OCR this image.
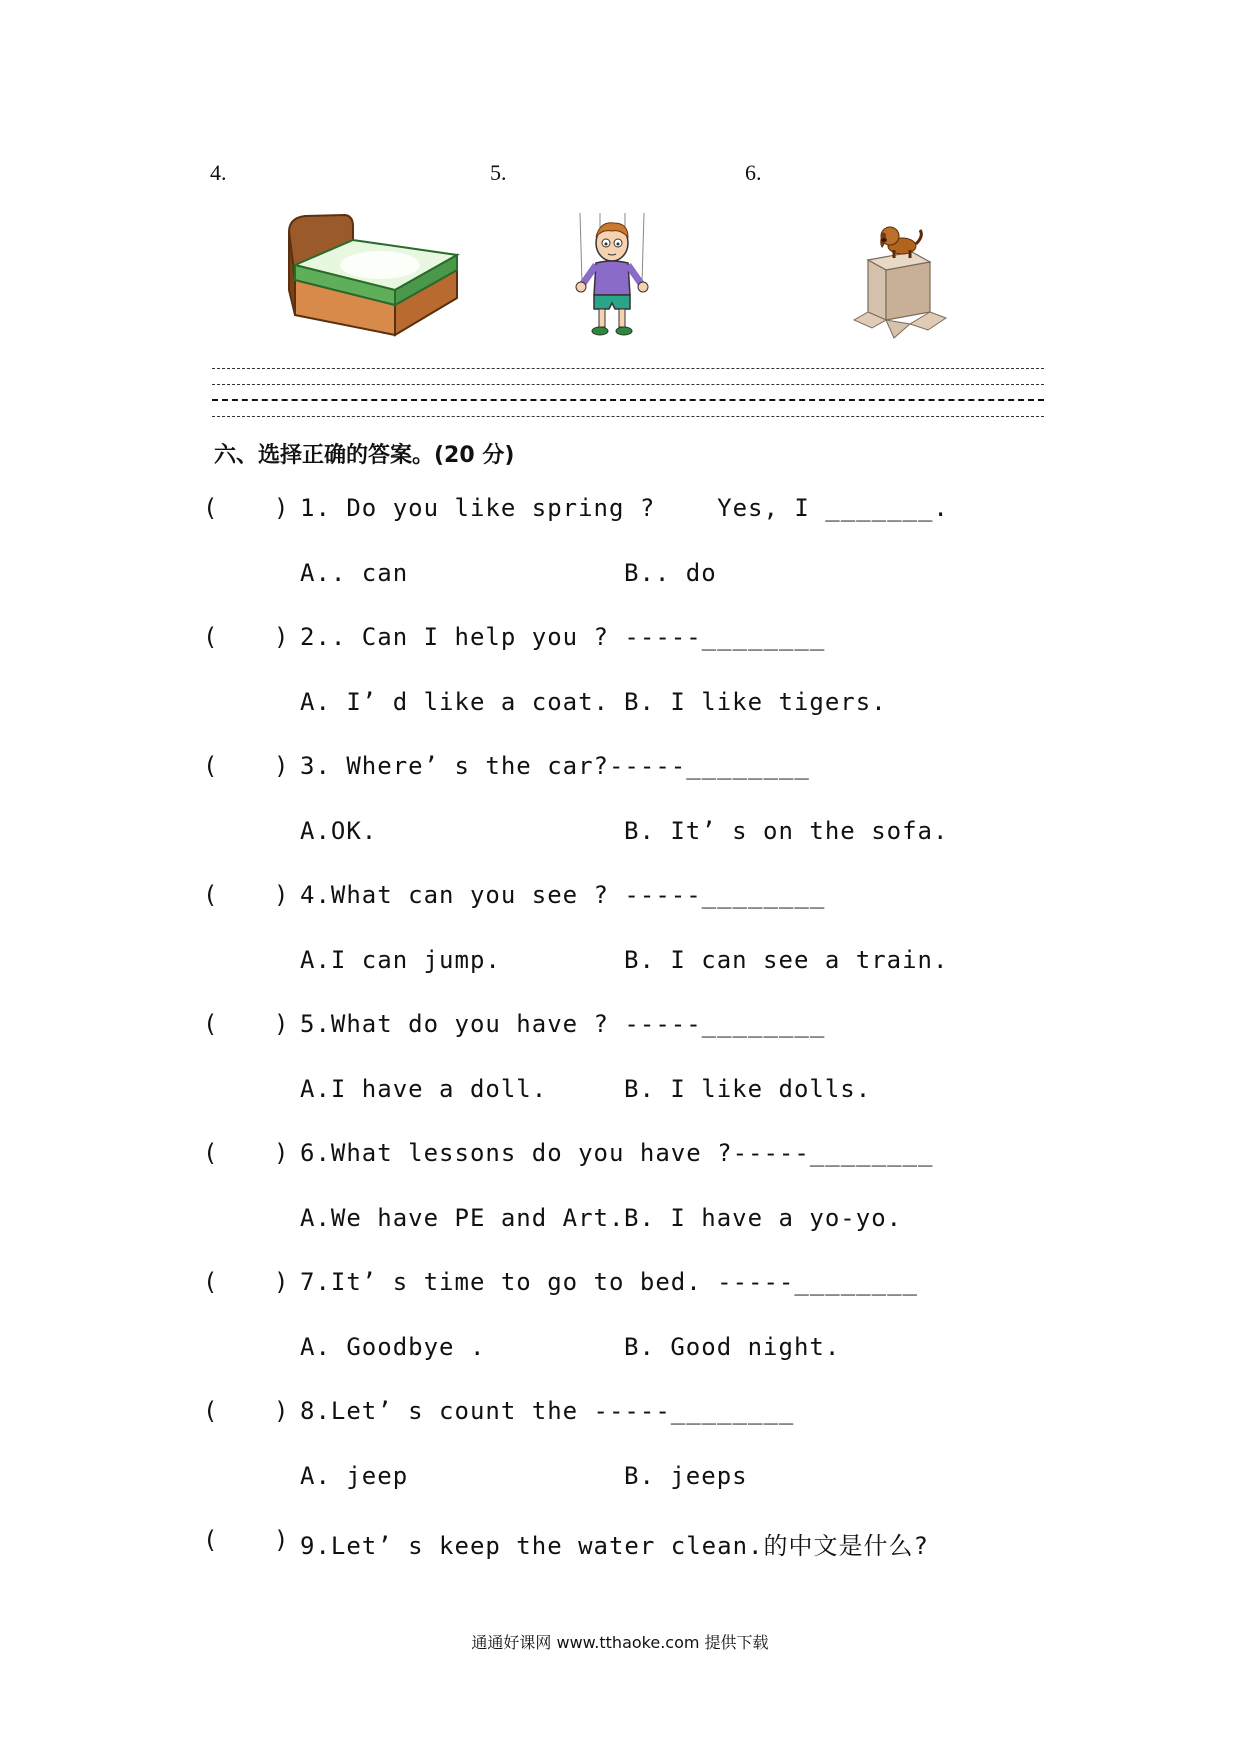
4.	5.	6.
六、选择正确的答案。(20 分)
( ) 1. Do you like spring ?    Yes, I _______.
A.. can	B.. do
( ) 2.. Can I help you ? -----________
A. I’ d like a coat. B. I like tigers.
( ) 3. Where’ s the car?-----________
A.OK.	B. It’ s on the sofa.
( ) 4.What can you see ? -----________
A.I can jump.	B. I can see a train.
( ) 5.What do you have ? -----________
A.I have a doll.	B. I like dolls.
( ) 6.What lessons do you have ?-----________
A.We have PE and Art. B. I have a yo-yo.
( ) 7.It’ s time to go to bed. -----________
A. Goodbye .	B. Good night.
( ) 8.Let’ s count the -----________
A. jeep	B. jeeps
( ) 9.Let’ s keep the water clean.的中文是什么?
通通好课网 www.tthaoke.com 提供下载
